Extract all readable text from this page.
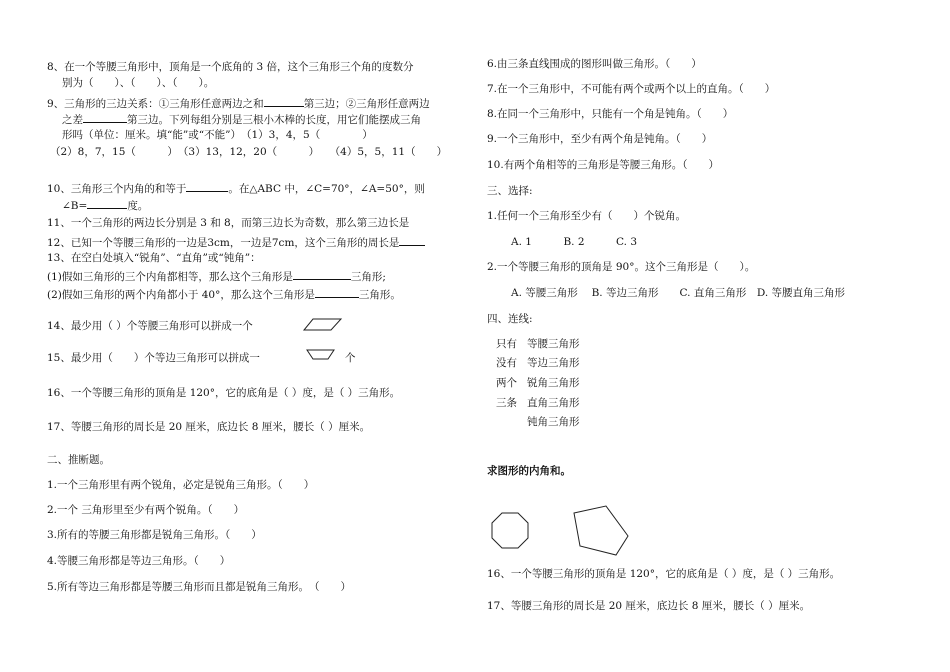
8、在一个等腰三角形中，顶角是一个底角的 3 倍，这个三角形三个角的度数分
别为（　　）、（　　）、（　　）。
9、三角形的三边关系：①三角形任意两边之和	第三边；②三角形任意两边
之差	第三边。下列每组分别是三根小木棒的长度，用它们能摆成三角
形吗（单位：厘米。填“能”或“不能”）　（1）3，4，5（　　　　）
（2）8，7，15（　　　）　（3）13，12，20（　　　）　　（4）5，5，11（　　）
10、三角形三个内角的和等于	。在△ABC 中，∠C=70°，∠A=50°，则
∠B=	度。
11、一个三角形的两边长分别是 3 和 8，而第三边长为奇数，那么第三边长是
12、已知一个等腰三角形的一边是3cm，一边是7cm，这个三角形的周长是
13、在空白处填入“锐角”、“直角”或“钝角”：
(1)假如三角形的三个内角都相等，那么这个三角形是	三角形;
(2)假如三角形的两个内角都小于 40°，那么这个三角形是	三角形。
14、最少用（ ）个等腰三角形可以拼成一个
15、最少用（　　）个等边三角形可以拼成一	个
16、一个等腰三角形的顶角是 120°，它的底角是（ ）度，是（ ）三角形。
17、等腰三角形的周长是 20 厘米，底边长 8 厘米，腰长（ ）厘米。
二、推断题。
1.一个三角形里有两个锐角，必定是锐角三角形。（　　）
2.一个 三角形里至少有两个锐角。（　　）
3.所有的等腰三角形都是锐角三角形。（　　）
4.等腰三角形都是等边三角形。（　　）
5.所有等边三角形都是等腰三角形而且都是锐角三角形。　（　　）
6.由三条直线围成的图形叫做三角形。（　　）
7.在一个三角形中，不可能有两个或两个以上的直角。（　　）
8.在同一个三角形中，只能有一个角是钝角。（　　）
9.一个三角形中，至少有两个角是钝角。（　　）
10.有两个角相等的三角形是等腰三角形。（　　）
三、选择:
1.任何一个三角形至少有（　　）个锐角。
A. 1　　　B. 2　　　C. 3
2.一个等腰三角形的顶角是 90°。这个三角形是（　　）。
A. 等腰三角形　 B. 等边三角形　　C. 直角三角形　D. 等腰直角三角形
四、连线:
只有
没有
两个
三条
等腰三角形
等边三角形
锐角三角形
直角三角形
钝角三角形
求图形的内角和。
16、一个等腰三角形的顶角是 120°，它的底角是（ ）度，是（ ）三角形。
17、等腰三角形的周长是 20 厘米，底边长 8 厘米，腰长（ ）厘米。
